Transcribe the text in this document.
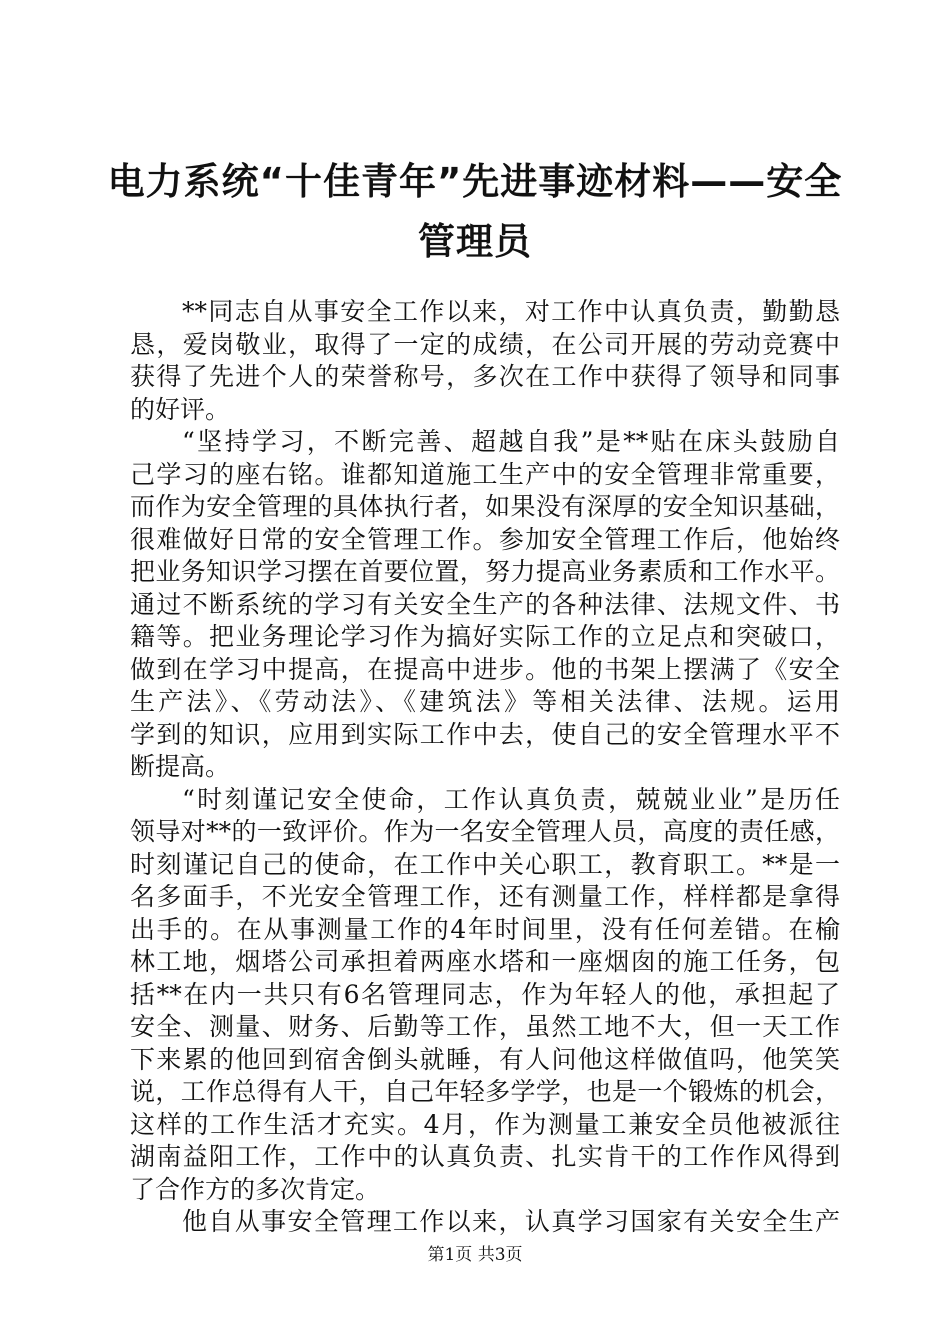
电力系统“十佳青年”先进事迹材料——安全
管理员
**同志自从事安全工作以来，对工作中认真负责，勤勤恳
恳，爱岗敬业，取得了一定的成绩，在公司开展的劳动竞赛中
获得了先进个人的荣誉称号，多次在工作中获得了领导和同事
的好评。
“坚持学习，不断完善、超越自我”是**贴在床头鼓励自
己学习的座右铭。谁都知道施工生产中的安全管理非常重要，
而作为安全管理的具体执行者，如果没有深厚的安全知识基础，
很难做好日常的安全管理工作。参加安全管理工作后，他始终
把业务知识学习摆在首要位置，努力提高业务素质和工作水平。
通过不断系统的学习有关安全生产的各种法律、法规文件、书
籍等。把业务理论学习作为搞好实际工作的立足点和突破口，
做到在学习中提高，在提高中进步。他的书架上摆满了《安全
生产法》、《劳动法》、《建筑法》等相关法律、法规。运用
学到的知识，应用到实际工作中去，使自己的安全管理水平不
断提高。
“时刻谨记安全使命，工作认真负责，兢兢业业”是历任
领导对**的一致评价。作为一名安全管理人员，高度的责任感，
时刻谨记自己的使命，在工作中关心职工，教育职工。**是一
名多面手，不光安全管理工作，还有测量工作，样样都是拿得
出手的。在从事测量工作的4年时间里，没有任何差错。在榆
林工地，烟塔公司承担着两座水塔和一座烟囱的施工任务，包
括**在内一共只有6名管理同志，作为年轻人的他，承担起了
安全、测量、财务、后勤等工作，虽然工地不大，但一天工作
下来累的他回到宿舍倒头就睡，有人问他这样做值吗，他笑笑
说，工作总得有人干，自己年轻多学学，也是一个锻炼的机会，
这样的工作生活才充实。4月，作为测量工兼安全员他被派往
湖南益阳工作，工作中的认真负责、扎实肯干的工作作风得到
了合作方的多次肯定。
他自从事安全管理工作以来，认真学习国家有关安全生产
第1页 共3页
